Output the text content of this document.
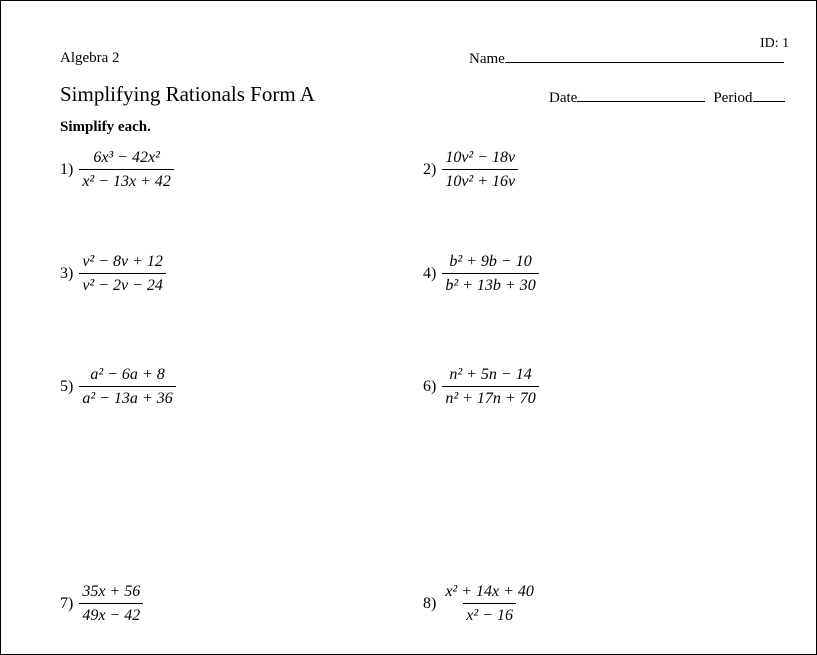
Algebra 2
Simplifying Rationals Form A
Simplify each.
ID: 1
Name
Date	Period
$1) \frac{\text{6x³ − 42x²}}{\text{x² − 13x + 42}}$	$2) \frac{\text{10v² − 18v}}{\text{10v² + 16v}}$
$3) \frac{\text{v² − 8v + 12}}{\text{v² − 2v − 24}}$	$4) \frac{\text{b² + 9b − 10}}{\text{b² + 13b + 30}}$
$5) \frac{\text{a² − 6a + 8}}{\text{a² − 13a + 36}}$	$6) \frac{\text{n² + 5n − 14}}{\text{n² + 17n + 70}}$
$7) \frac{35x + 56}{49x - 42}$	$8) \frac{\text{x² + 14x + 40}}{\text{x² − 16}}$
